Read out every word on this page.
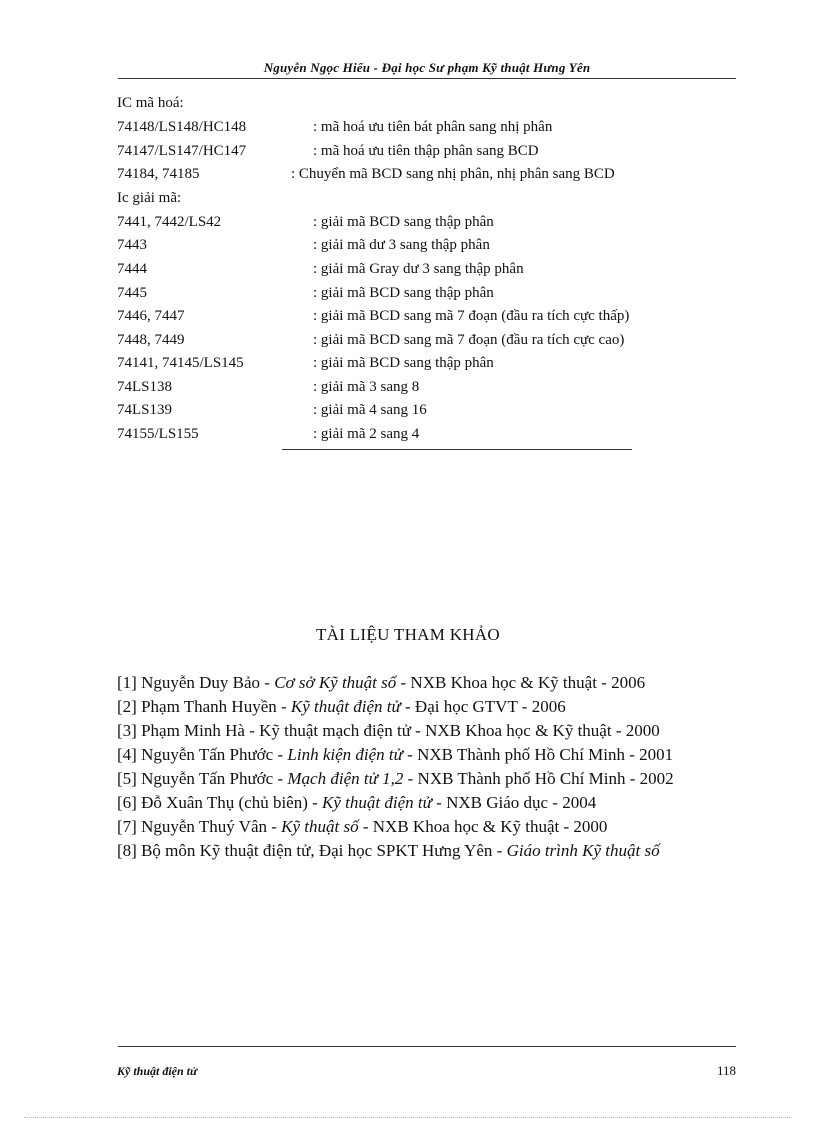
Nguyễn Ngọc Hiếu - Đại học Sư phạm Kỹ thuật Hưng Yên
IC mã hoá:
74148/LS148/HC148	: mã hoá ưu tiên bát phân sang nhị phân
74147/LS147/HC147	: mã hoá ưu tiên thập phân sang BCD
74184, 74185	: Chuyển mã BCD sang nhị phân, nhị phân sang BCD
Ic giải mã:
7441, 7442/LS42	: giải mã BCD sang thập phân
7443	: giải mã dư 3 sang thập phân
7444	: giải mã Gray dư 3 sang thập phân
7445	: giải mã BCD sang thập phân
7446, 7447	: giải mã BCD sang mã 7 đoạn (đầu ra tích cực thấp)
7448, 7449	: giải mã BCD sang mã 7 đoạn (đầu ra tích cực cao)
74141, 74145/LS145	: giải mã BCD sang thập phân
74LS138	: giải mã 3 sang 8
74LS139	: giải mã 4 sang 16
74155/LS155	: giải mã 2 sang 4
TÀI LIỆU THAM KHẢO
[1] Nguyễn Duy Bảo - Cơ sở Kỹ thuật số - NXB Khoa học & Kỹ thuật - 2006
[2] Phạm Thanh Huyền - Kỹ thuật điện tử - Đại học GTVT - 2006
[3] Phạm Minh Hà - Kỹ thuật mạch điện tử - NXB Khoa học & Kỹ thuật - 2000
[4] Nguyễn Tấn Phước - Linh kiện điện tử - NXB Thành phố Hồ Chí Minh - 2001
[5] Nguyễn Tấn Phước - Mạch điện tử 1,2 - NXB Thành phố Hồ Chí Minh - 2002
[6] Đỗ Xuân Thụ (chủ biên) - Kỹ thuật điện tử - NXB Giáo dục - 2004
[7] Nguyễn Thuý Vân - Kỹ thuật số - NXB Khoa học & Kỹ thuật - 2000
[8] Bộ môn Kỹ thuật điện tử, Đại học SPKT Hưng Yên - Giáo trình Kỹ thuật số
Kỹ thuật điện tử	118
